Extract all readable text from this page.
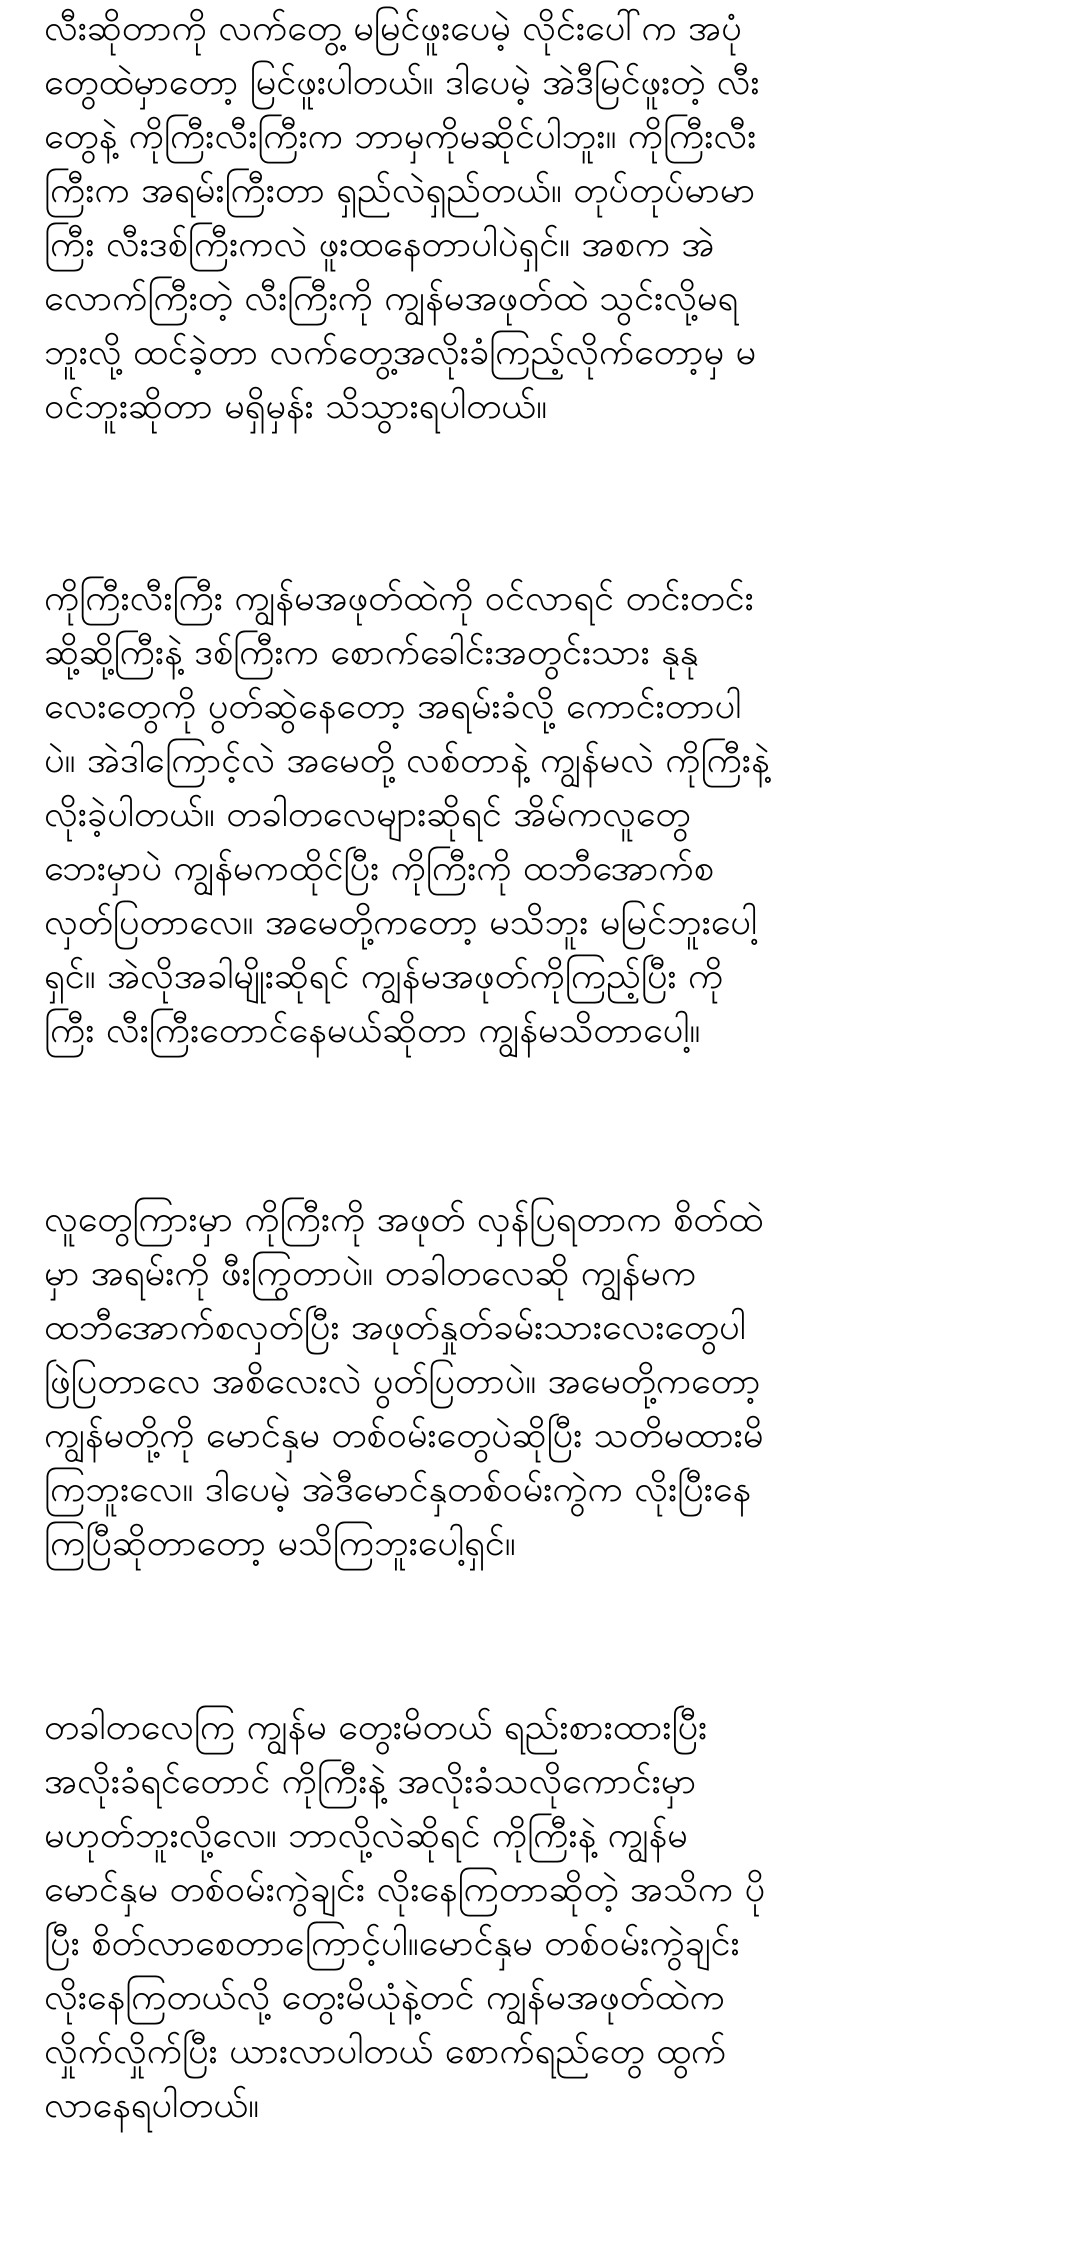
လီးဆိုတာကို လက်တွေ့ မမြင်ဖူးပေမဲ့ လိုင်းပေါ်က အပုံ
တွေထဲမှာတော့ မြင်ဖူးပါတယ်။ ဒါပေမဲ့ အဲဒီမြင်ဖူးတဲ့ လီး
တွေနဲ့ ကိုကြီးလီးကြီးက ဘာမှကိုမဆိုင်ပါဘူး။ ကိုကြီးလီး
ကြီးက အရမ်းကြီးတာ ရှည်လဲရှည်တယ်။ တုပ်တုပ်မာမာ
ကြီး လီးဒစ်ကြီးကလဲ ဖူးထနေတာပါပဲရှင်။ အစက အဲ
လောက်ကြီးတဲ့ လီးကြီးကို ကျွန်မအဖုတ်ထဲ သွင်းလို့မရ
ဘူးလို့ ထင်ခဲ့တာ လက်တွေ့အလိုးခံကြည့်လိုက်တော့မှ မ
ဝင်ဘူးဆိုတာ မရှိမှန်း သိသွားရပါတယ်။
ကိုကြီးလီးကြီး ကျွန်မအဖုတ်ထဲကို ဝင်လာရင် တင်းတင်း
ဆို့ဆို့ကြီးနဲ့ ဒစ်ကြီးက စောက်ခေါင်းအတွင်းသား နုနု
လေးတွေကို ပွတ်ဆွဲနေတော့ အရမ်းခံလို့ ကောင်းတာပါ
ပဲ။ အဲဒါကြောင့်လဲ အမေတို့ လစ်တာနဲ့ ကျွန်မလဲ ကိုကြီးနဲ့
လိုးခဲ့ပါတယ်။ တခါတလေများဆိုရင် အိမ်ကလူတွေ
ဘေးမှာပဲ ကျွန်မကထိုင်ပြီး ကိုကြီးကို ထဘီအောက်စ
လှတ်ပြတာလေ။ အမေတို့ကတော့ မသိဘူး မမြင်ဘူးပေါ့
ရှင်။ အဲလိုအခါမျိုးဆိုရင် ကျွန်မအဖုတ်ကိုကြည့်ပြီး ကို
ကြီး လီးကြီးတောင်နေမယ်ဆိုတာ ကျွန်မသိတာပေါ့။
လူတွေကြားမှာ ကိုကြီးကို အဖုတ် လှန်ပြရတာက စိတ်ထဲ
မှာ အရမ်းကို ဖီးကြွတာပဲ။ တခါတလေဆို ကျွန်မက
ထဘီအောက်စလှတ်ပြီး အဖုတ်နှုတ်ခမ်းသားလေးတွေပါ
ဖြဲပြတာလေ အစိလေးလဲ ပွတ်ပြတာပဲ။ အမေတို့ကတော့
ကျွန်မတို့ကို မောင်နှမ တစ်ဝမ်းတွေပဲဆိုပြီး သတိမထားမိ
ကြဘူးလေ။ ဒါပေမဲ့ အဲဒီမောင်နှတစ်ဝမ်းကွဲက လိုးပြီးနေ
ကြပြီဆိုတာတော့ မသိကြဘူးပေါ့ရှင်။
တခါတလေကြ ကျွန်မ တွေးမိတယ် ရည်းစားထားပြီး
အလိုးခံရင်တောင် ကိုကြီးနဲ့ အလိုးခံသလိုကောင်းမှာ
မဟုတ်ဘူးလို့လေ။ ဘာလို့လဲဆိုရင် ကိုကြီးနဲ့ ကျွန်မ
မောင်နှမ တစ်ဝမ်းကွဲချင်း လိုးနေကြတာဆိုတဲ့ အသိက ပို
ပြီး စိတ်လာစေတာကြောင့်ပါ။မောင်နှမ တစ်ဝမ်းကွဲချင်း
လိုးနေကြတယ်လို့ တွေးမိယုံနဲ့တင် ကျွန်မအဖုတ်ထဲက
လှိုက်လှိုက်ပြီး ယားလာပါတယ် စောက်ရည်တွေ ထွက်
လာနေရပါတယ်။
